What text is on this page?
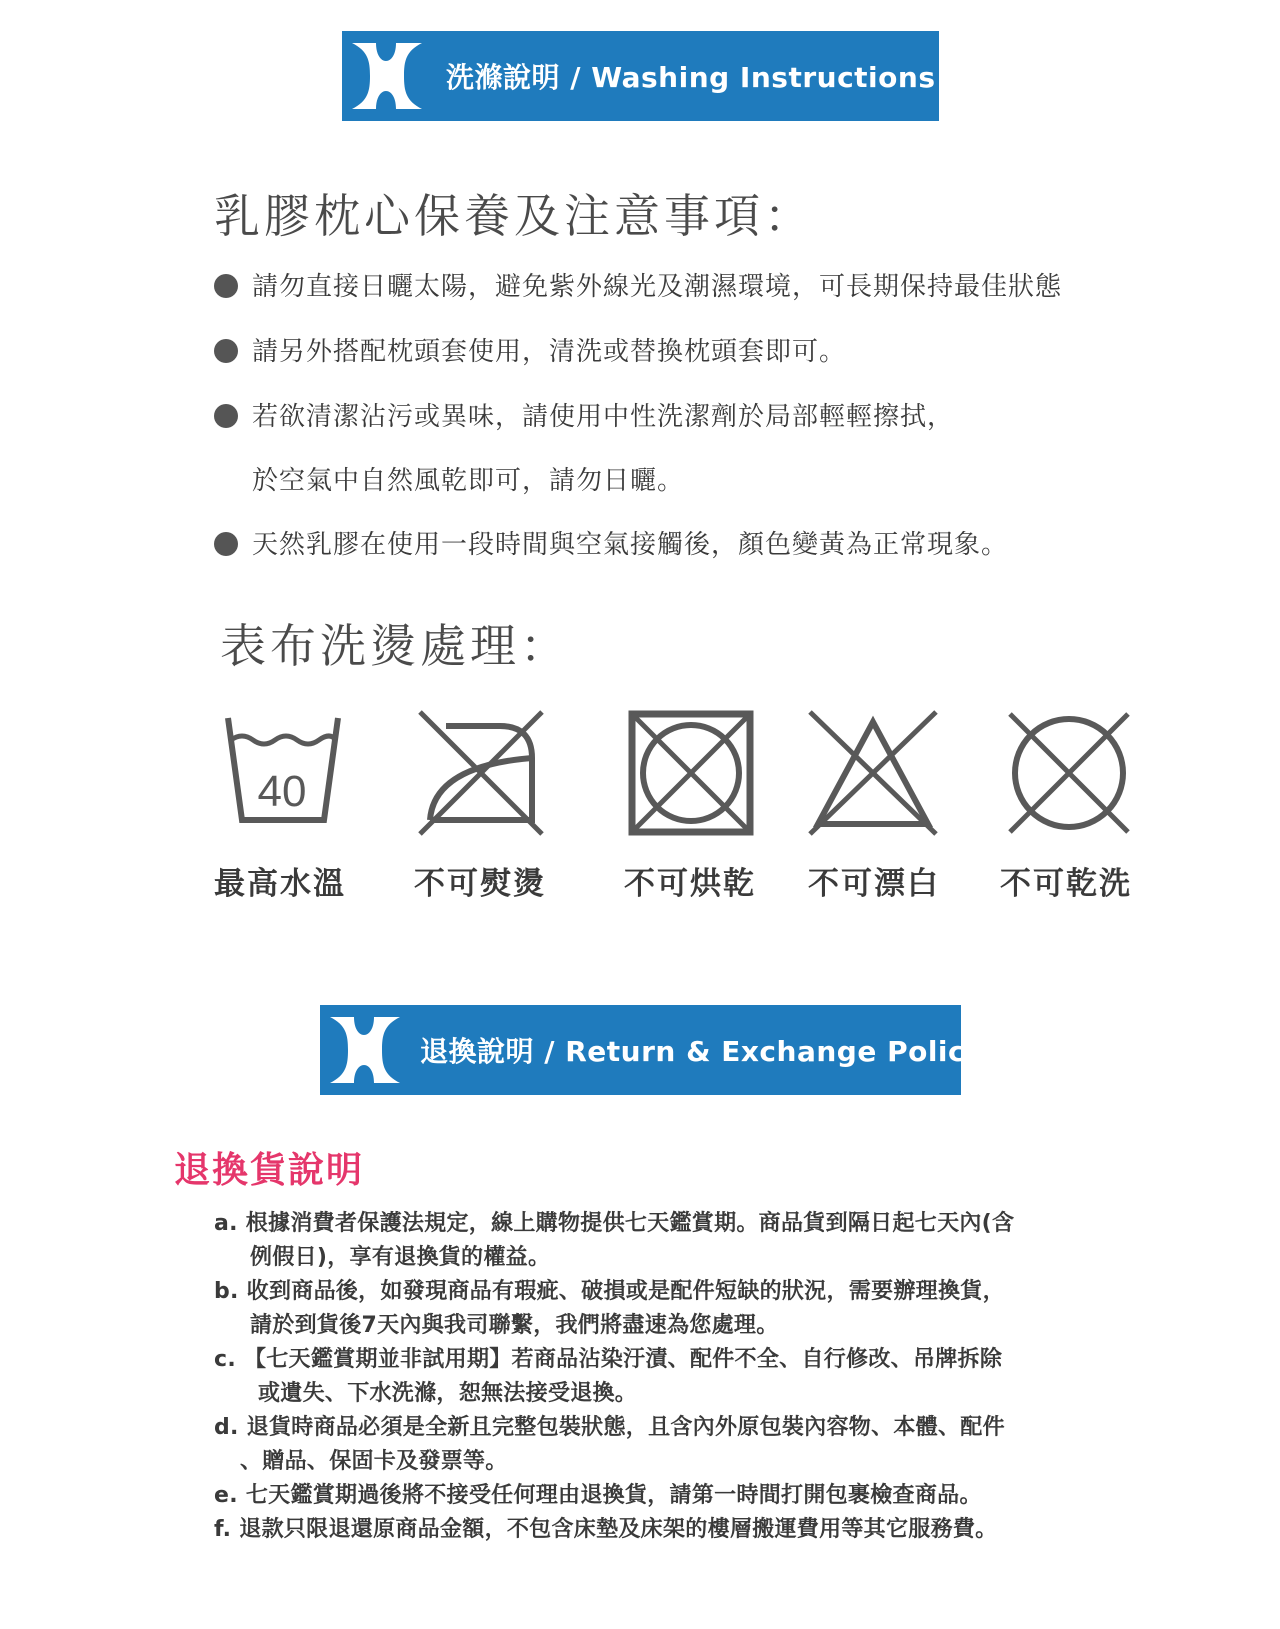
洗滌說明 / Washing Instructions
乳膠枕心保養及注意事項：
請勿直接日曬太陽，避免紫外線光及潮濕環境，可長期保持最佳狀態
請另外搭配枕頭套使用，清洗或替換枕頭套即可。
若欲清潔沾污或異味，請使用中性洗潔劑於局部輕輕擦拭，
於空氣中自然風乾即可，請勿日曬。
天然乳膠在使用一段時間與空氣接觸後，顏色變黃為正常現象。
表布洗燙處理：
40
最高水溫 不可熨燙	不可烘乾 不可漂白 不可乾洗
退換說明 / Return & Exchange Policy
退換貨說明
a. 根據消費者保護法規定，線上購物提供七天鑑賞期。商品貨到隔日起七天內(含
例假日)，享有退換貨的權益。
b. 收到商品後，如發現商品有瑕疵、破損或是配件短缺的狀況，需要辦理換貨，
請於到貨後7天內與我司聯繫，我們將盡速為您處理。
c. 【七天鑑賞期並非試用期】若商品沾染汙漬、配件不全、自行修改、吊牌拆除
或遺失、下水洗滌，恕無法接受退換。
d. 退貨時商品必須是全新且完整包裝狀態，且含內外原包裝內容物、本體、配件
、贈品、保固卡及發票等。
e. 七天鑑賞期過後將不接受任何理由退換貨，請第一時間打開包裹檢查商品。
f. 退款只限退還原商品金額，不包含床墊及床架的樓層搬運費用等其它服務費。
